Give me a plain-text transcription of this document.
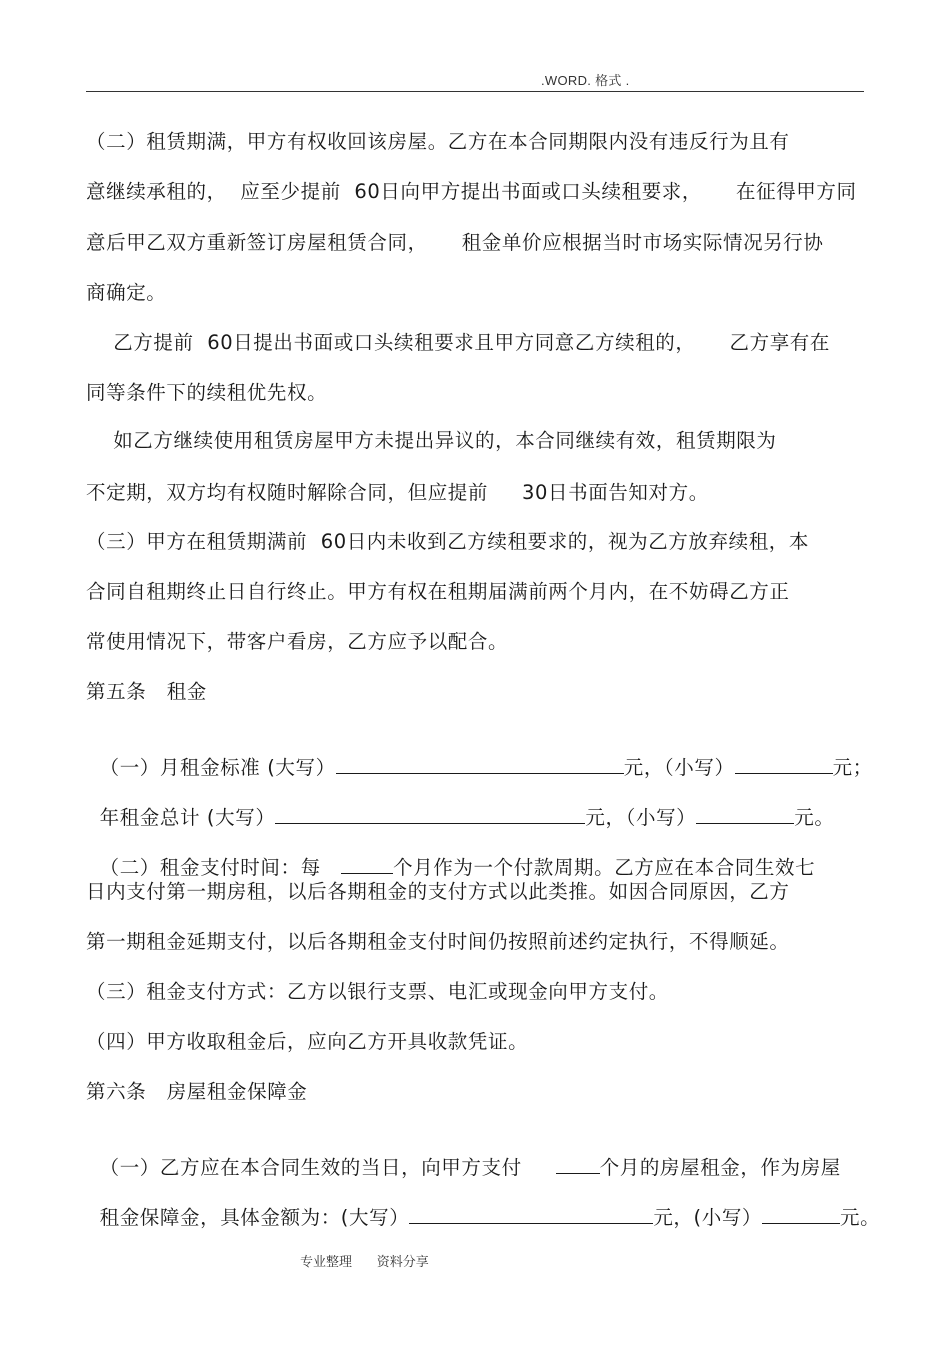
.WORD. 格式 .
（二）租赁期满，甲方有权收回该房屋。乙方在本合同期限内没有违反行为且有
意继续承租的，  应至少提前  60日向甲方提出书面或口头续租要求，     在征得甲方同
意后甲乙双方重新签订房屋租赁合同，     租金单价应根据当时市场实际情况另行协
商确定。
乙方提前  60日提出书面或口头续租要求且甲方同意乙方续租的，     乙方享有在
同等条件下的续租优先权。
如乙方继续使用租赁房屋甲方未提出异议的，本合同继续有效，租赁期限为
不定期，双方均有权随时解除合同，但应提前     30日书面告知对方。
（三）甲方在租赁期满前  60日内未收到乙方续租要求的，视为乙方放弃续租，本
合同自租期终止日自行终止。甲方有权在租期届满前两个月内，在不妨碍乙方正
常使用情况下，带客户看房，乙方应予以配合。
第五条   租金

（一）月租金标准 (大写）	元，（小写）	元；

年租金总计 (大写）	元，（小写）	元。

（二）租金支付时间：每	个月作为一个付款周期。乙方应在本合同生效七

日内支付第一期房租，以后各期租金的支付方式以此类推。如因合同原因，乙方
第一期租金延期支付，以后各期租金支付时间仍按照前述约定执行，不得顺延。
（三）租金支付方式：乙方以银行支票、电汇或现金向甲方支付。
（四）甲方收取租金后，应向乙方开具收款凭证。
第六条   房屋租金保障金

（一）乙方应在本合同生效的当日，向甲方支付     个月的房屋租金，作为房屋

租金保障金，具体金额为：(大写）	元，(小写）	元。

专业整理      资料分享
